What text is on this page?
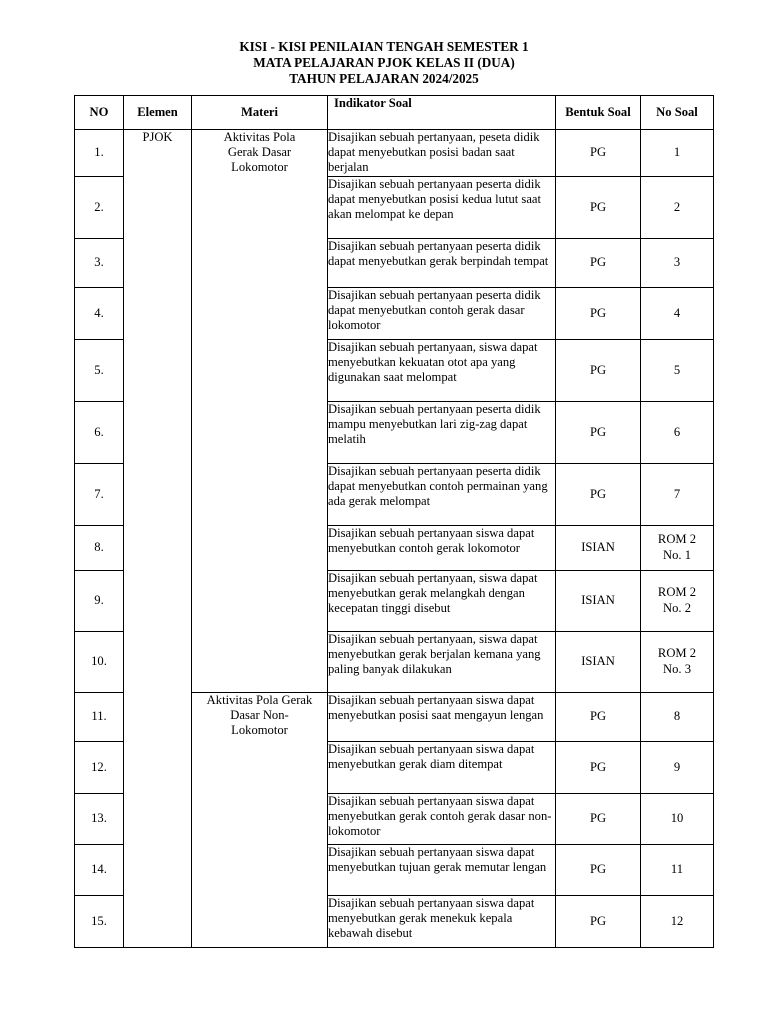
KISI - KISI PENILAIAN TENGAH SEMESTER 1
MATA PELAJARAN PJOK KELAS II (DUA)
TAHUN PELAJARAN 2024/2025
NO	Elemen	Materi	Indikator Soal	Bentuk Soal	No Soal
1.	PJOK	Aktivitas Pola Gerak Dasar Lokomotor	Disajikan sebuah pertanyaan, peseta didik dapat menyebutkan posisi badan saat berjalan	PG	1
2.			Disajikan sebuah pertanyaan peserta didik dapat menyebutkan posisi kedua lutut saat akan melompat ke depan	PG	2
3.			Disajikan sebuah pertanyaan peserta didik dapat menyebutkan gerak berpindah tempat	PG	3
4.			Disajikan sebuah pertanyaan peserta didik dapat menyebutkan contoh gerak dasar lokomotor	PG	4
5.			Disajikan sebuah pertanyaan, siswa dapat menyebutkan kekuatan otot apa yang digunakan saat melompat	PG	5
6.			Disajikan sebuah pertanyaan peserta didik mampu menyebutkan lari zig-zag dapat melatih	PG	6
7.			Disajikan sebuah pertanyaan peserta didik dapat menyebutkan contoh permainan yang ada gerak melompat	PG	7
8.			Disajikan sebuah pertanyaan siswa dapat menyebutkan contoh gerak lokomotor	ISIAN	ROM 2 No. 1
9.			Disajikan sebuah pertanyaan, siswa dapat menyebutkan gerak melangkah dengan kecepatan tinggi disebut	ISIAN	ROM 2 No. 2
10.			Disajikan sebuah pertanyaan, siswa dapat menyebutkan gerak berjalan kemana yang paling banyak dilakukan	ISIAN	ROM 2 No. 3
11.		Aktivitas Pola Gerak Dasar Non-Lokomotor	Disajikan sebuah pertanyaan siswa dapat menyebutkan posisi saat mengayun lengan	PG	8
12.			Disajikan sebuah pertanyaan siswa dapat menyebutkan gerak diam ditempat	PG	9
13.			Disajikan sebuah pertanyaan siswa dapat menyebutkan gerak contoh gerak dasar non-lokomotor	PG	10
14.			Disajikan sebuah pertanyaan siswa dapat menyebutkan tujuan gerak memutar lengan	PG	11
15.			Disajikan sebuah pertanyaan siswa dapat menyebutkan gerak menekuk kepala kebawah disebut	PG	12
